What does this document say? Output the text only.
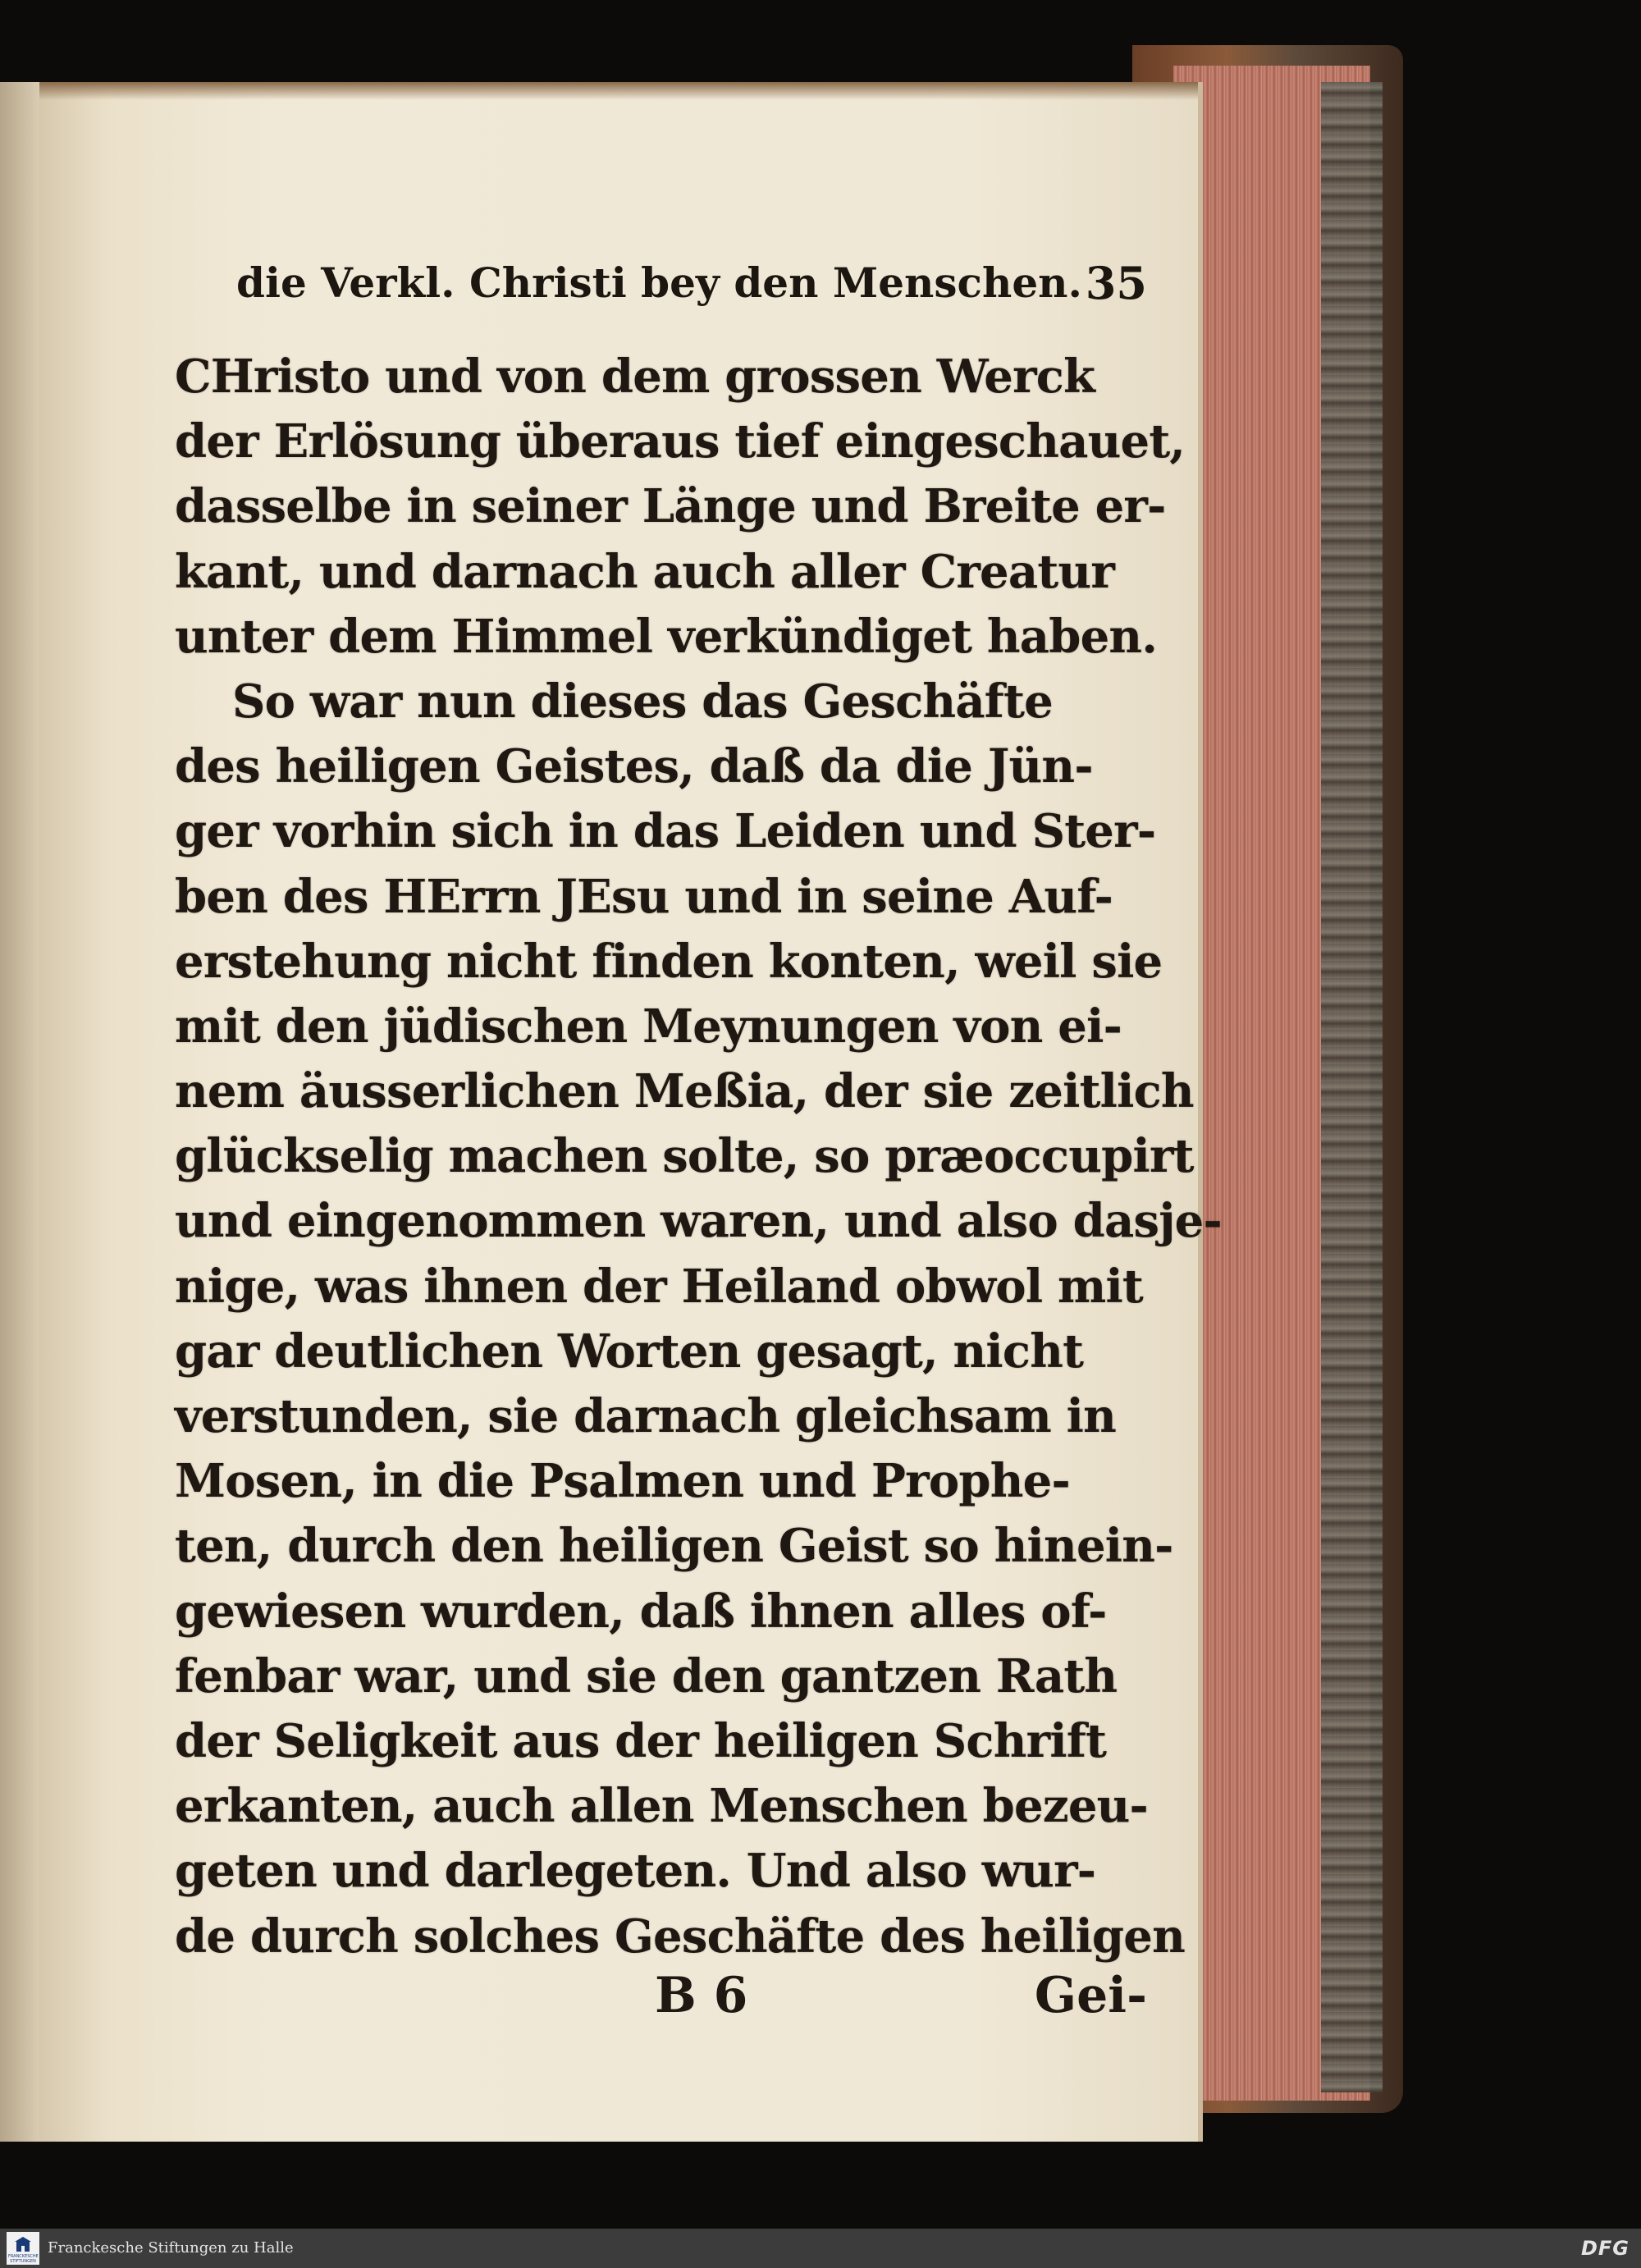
die Verkl. Christi bey den Menschen. 35
CHristo und von dem grossen Werck
der Erlösung überaus tief eingeschauet,
dasselbe in seiner Länge und Breite er-
kant, und darnach auch aller Creatur
unter dem Himmel verkündiget haben.
So war nun dieses das Geschäfte
des heiligen Geistes, daß da die Jün-
ger vorhin sich in das Leiden und Ster-
ben des HErrn JEsu und in seine Auf-
erstehung nicht finden konten, weil sie
mit den jüdischen Meynungen von ei-
nem äusserlichen Meßia, der sie zeitlich
glückselig machen solte, so præoccupirt
und eingenommen waren, und also dasje-
nige, was ihnen der Heiland obwol mit
gar deutlichen Worten gesagt, nicht
verstunden, sie darnach gleichsam in
Mosen, in die Psalmen und Prophe-
ten, durch den heiligen Geist so hinein-
gewiesen wurden, daß ihnen alles of-
fenbar war, und sie den gantzen Rath
der Seligkeit aus der heiligen Schrift
erkanten, auch allen Menschen bezeu-
geten und darlegeten. Und also wur-
de durch solches Geschäfte des heiligen
B 6	Gei-
FRANCKESCHE STIFTUNGEN
Franckesche Stiftungen zu Halle	DFG
